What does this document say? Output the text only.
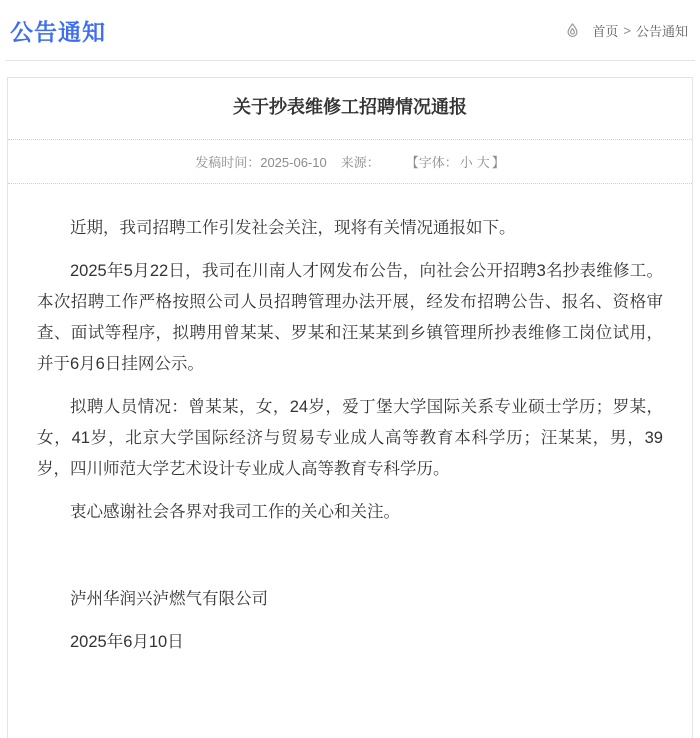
公告通知	首页 > 公告通知
关于抄表维修工招聘情况通报
发稿时间：2025-06-10 来源： 【字体： 小 大 】

近期，我司招聘工作引发社会关注，现将有关情况通报如下。

2025年5月22日，我司在川南人才网发布公告，向社会公开招聘3名抄表维修工。本次招聘工作严格按照公司人员招聘管理办法开展，经发布招聘公告、报名、资格审查、面试等程序，拟聘用曾某某、罗某和汪某某到乡镇管理所抄表维修工岗位试用，并于6月6日挂网公示。

拟聘人员情况：曾某某，女，24岁，爱丁堡大学国际关系专业硕士学历；罗某，女，41岁，北京大学国际经济与贸易专业成人高等教育本科学历；汪某某，男，39岁，四川师范大学艺术设计专业成人高等教育专科学历。

衷心感谢社会各界对我司工作的关心和关注。

泸州华润兴泸燃气有限公司

2025年6月10日
